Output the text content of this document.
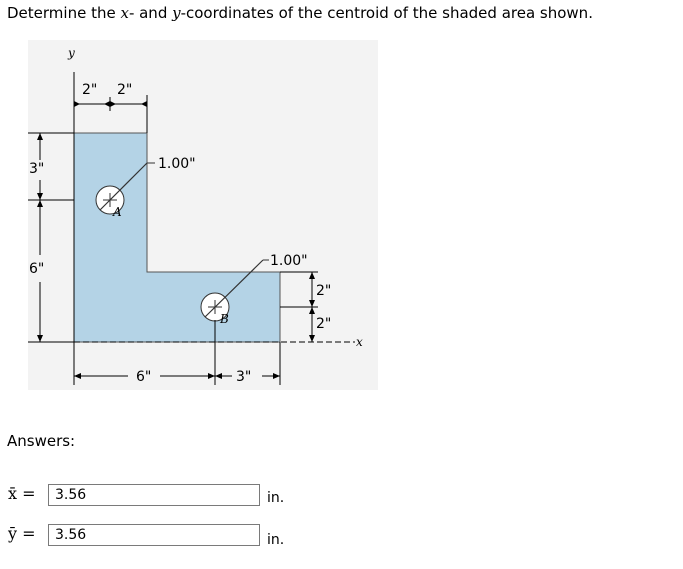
Determine the x- and y-coordinates of the centroid of the shaded area shown.
y
2" 2"
3"
6"
A
1.00"
B
1.00"
2"
2"
x
6"	3"
Answers:
x̄ =
3.56	in.
ȳ =
3.56	in.
